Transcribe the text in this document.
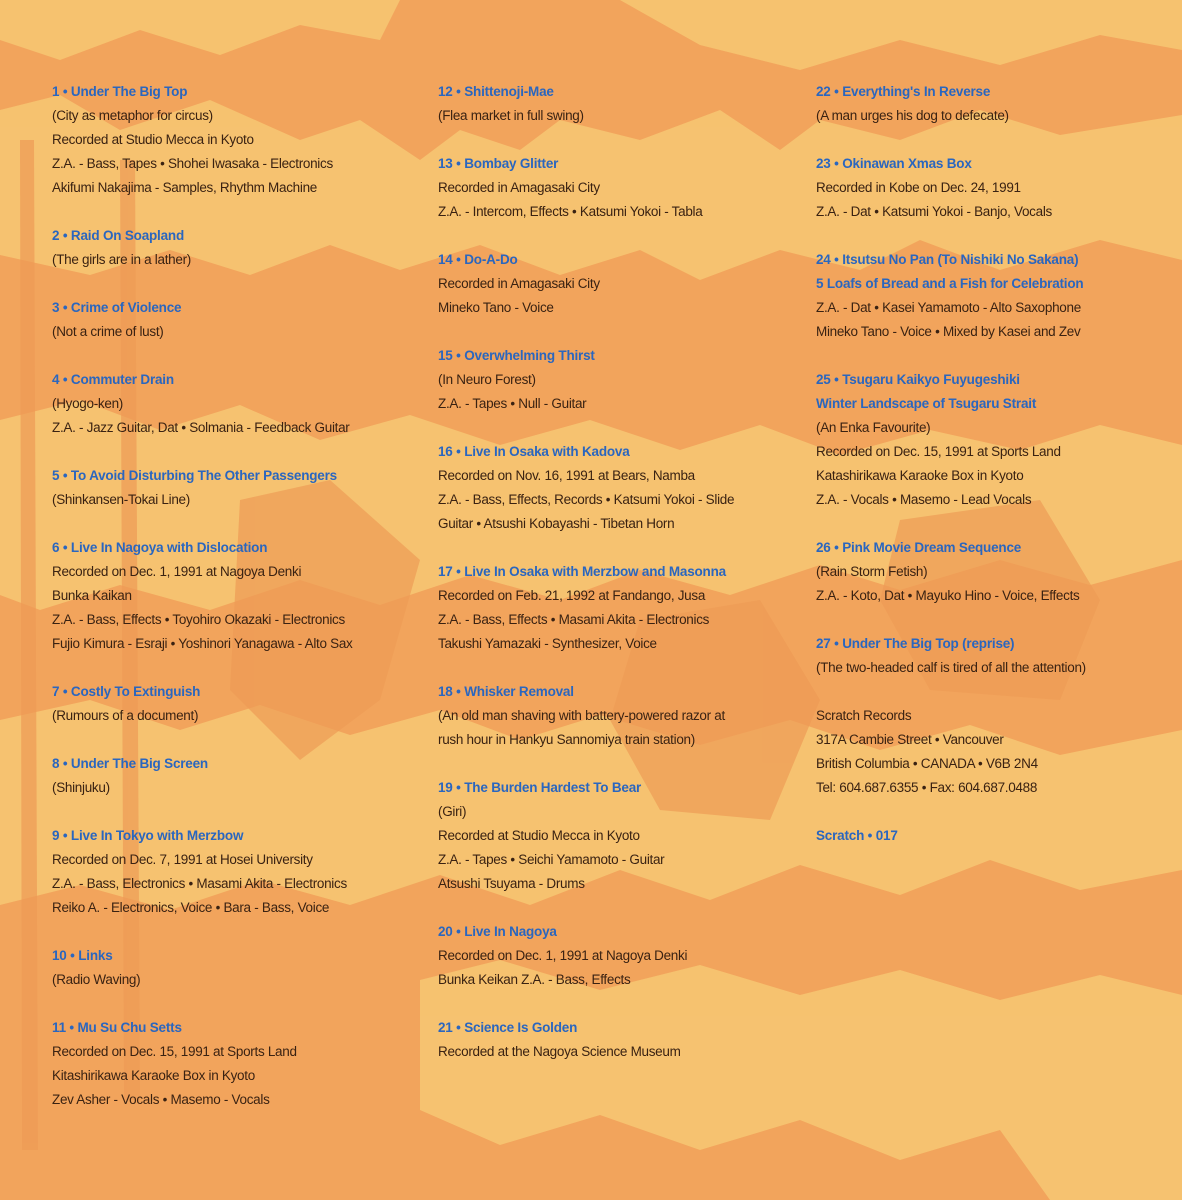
1 • Under The Big Top
(City as metaphor for circus)
Recorded at Studio Mecca in Kyoto
Z.A. - Bass, Tapes • Shohei Iwasaka - Electronics
Akifumi Nakajima - Samples, Rhythm Machine
2 • Raid On Soapland
(The girls are in a lather)
3 • Crime of Violence
(Not a crime of lust)
4 • Commuter Drain
(Hyogo-ken)
Z.A. - Jazz Guitar, Dat • Solmania - Feedback Guitar
5 • To Avoid Disturbing The Other Passengers
(Shinkansen-Tokai Line)
6 • Live In Nagoya with Dislocation
Recorded on Dec. 1, 1991 at Nagoya Denki
Bunka Kaikan
Z.A. - Bass, Effects • Toyohiro Okazaki - Electronics
Fujio Kimura - Esraji • Yoshinori Yanagawa - Alto Sax
7 • Costly To Extinguish
(Rumours of a document)
8 • Under The Big Screen
(Shinjuku)
9 • Live In Tokyo with Merzbow
Recorded on Dec. 7, 1991 at Hosei University
Z.A. - Bass, Electronics • Masami Akita - Electronics
Reiko A. - Electronics, Voice • Bara - Bass, Voice
10 • Links
(Radio Waving)
11 • Mu Su Chu Setts
Recorded on Dec. 15, 1991 at Sports Land
Kitashirikawa Karaoke Box in Kyoto
Zev Asher - Vocals • Masemo - Vocals
12 • Shittenoji-Mae
(Flea market in full swing)
13 • Bombay Glitter
Recorded in Amagasaki City
Z.A. - Intercom, Effects • Katsumi Yokoi - Tabla
14 • Do-A-Do
Recorded in Amagasaki City
Mineko Tano - Voice
15 • Overwhelming Thirst
(In Neuro Forest)
Z.A. - Tapes • Null - Guitar
16 • Live In Osaka with Kadova
Recorded on Nov. 16, 1991 at Bears, Namba
Z.A. - Bass, Effects, Records • Katsumi Yokoi - Slide
Guitar • Atsushi Kobayashi - Tibetan Horn
17 • Live In Osaka with Merzbow and Masonna
Recorded on Feb. 21, 1992 at Fandango, Jusa
Z.A. - Bass, Effects • Masami Akita - Electronics
Takushi Yamazaki - Synthesizer, Voice
18 • Whisker Removal
(An old man shaving with battery-powered razor at
rush hour in Hankyu Sannomiya train station)
19 • The Burden Hardest To Bear
(Giri)
Recorded at Studio Mecca in Kyoto
Z.A. - Tapes • Seichi Yamamoto - Guitar
Atsushi Tsuyama - Drums
20 • Live In Nagoya
Recorded on Dec. 1, 1991 at Nagoya Denki
Bunka Keikan Z.A. - Bass, Effects
21 • Science Is Golden
Recorded at the Nagoya Science Museum
22 • Everything's In Reverse
(A man urges his dog to defecate)
23 • Okinawan Xmas Box
Recorded in Kobe on Dec. 24, 1991
Z.A. - Dat • Katsumi Yokoi - Banjo, Vocals
24 • Itsutsu No Pan (To Nishiki No Sakana)
5 Loafs of Bread and a Fish for Celebration
Z.A. - Dat • Kasei Yamamoto - Alto Saxophone
Mineko Tano - Voice • Mixed by Kasei and Zev
25 • Tsugaru Kaikyo Fuyugeshiki
Winter Landscape of Tsugaru Strait
(An Enka Favourite)
Recorded on Dec. 15, 1991 at Sports Land
Katashirikawa Karaoke Box in Kyoto
Z.A. - Vocals • Masemo - Lead Vocals
26 • Pink Movie Dream Sequence
(Rain Storm Fetish)
Z.A. - Koto, Dat • Mayuko Hino - Voice, Effects
27 • Under The Big Top (reprise)
(The two-headed calf is tired of all the attention)
Scratch Records
317A Cambie Street • Vancouver
British Columbia • CANADA • V6B 2N4
Tel: 604.687.6355 • Fax: 604.687.0488
Scratch • 017
